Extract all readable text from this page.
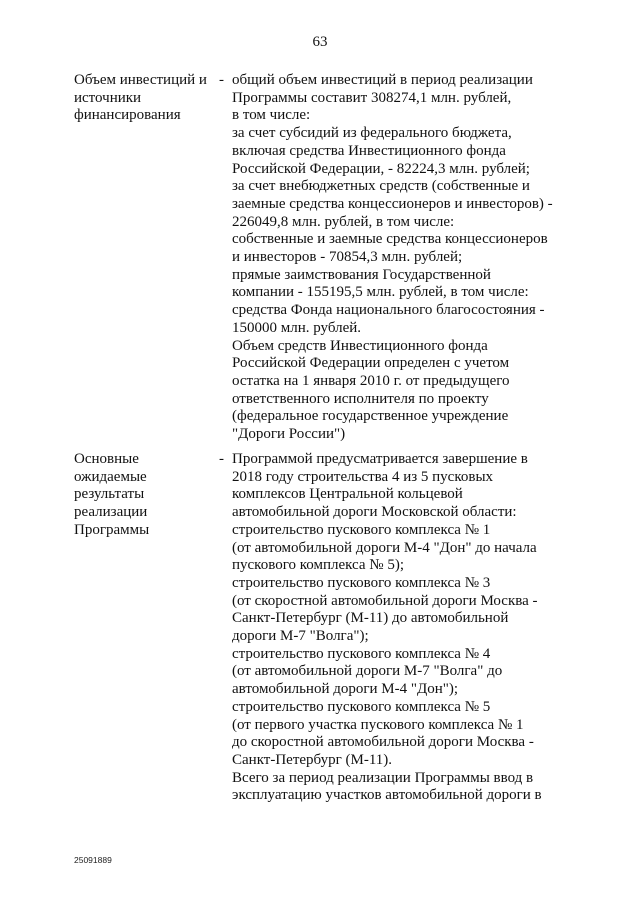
63
Объем инвестиций и
источники
финансирования
- общий объем инвестиций в период реализации
Программы составит 308274,1 млн. рублей,
в том числе:
за счет субсидий из федерального бюджета,
включая средства Инвестиционного фонда
Российской Федерации, - 82224,3 млн. рублей;
за счет внебюджетных средств (собственные и
заемные средства концессионеров и инвесторов) -
226049,8 млн. рублей, в том числе:
собственные и заемные средства концессионеров
и инвесторов - 70854,3 млн. рублей;
прямые заимствования Государственной
компании - 155195,5 млн. рублей, в том числе:
средства Фонда национального благосостояния -
150000 млн. рублей.
Объем средств Инвестиционного фонда
Российской Федерации определен с учетом
остатка на 1 января 2010 г. от предыдущего
ответственного исполнителя по проекту
(федеральное государственное учреждение
"Дороги России")
Основные
ожидаемые
результаты
реализации
Программы
- Программой предусматривается завершение в
2018 году строительства 4 из 5 пусковых
комплексов Центральной кольцевой
автомобильной дороги Московской области:
строительство пускового комплекса № 1
(от автомобильной дороги М-4 "Дон" до начала
пускового комплекса № 5);
строительство пускового комплекса № 3
(от скоростной автомобильной дороги Москва -
Санкт-Петербург (М-11) до автомобильной
дороги М-7 "Волга");
строительство пускового комплекса № 4
(от автомобильной дороги М-7 "Волга" до
автомобильной дороги М-4 "Дон");
строительство пускового комплекса № 5
(от первого участка пускового комплекса № 1
до скоростной автомобильной дороги Москва -
Санкт-Петербург (М-11).
Всего за период реализации Программы ввод в
эксплуатацию участков автомобильной дороги в
25091889
